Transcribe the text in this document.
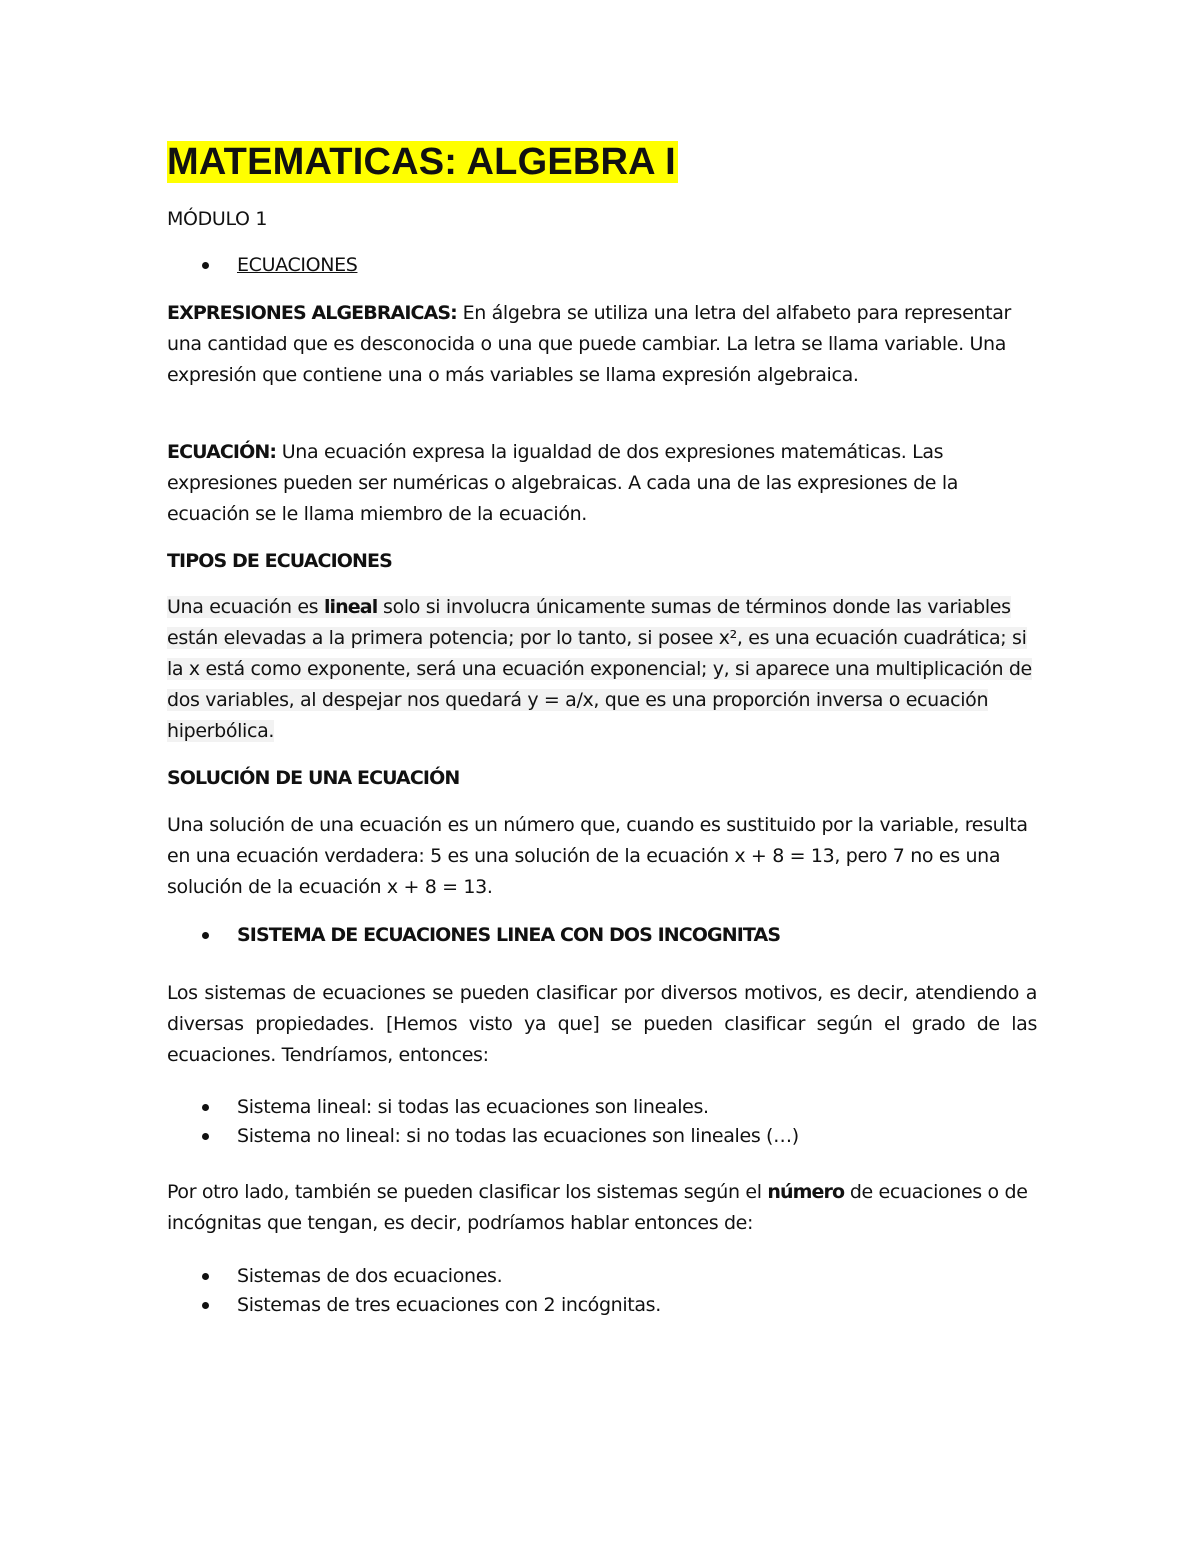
MATEMATICAS: ALGEBRA I

MÓDULO 1

ECUACIONES

EXPRESIONES ALGEBRAICAS: En álgebra se utiliza una letra del alfabeto para representar una cantidad que es desconocida o una que puede cambiar. La letra se llama variable. Una expresión que contiene una o más variables se llama expresión algebraica.

ECUACIÓN: Una ecuación expresa la igualdad de dos expresiones matemáticas. Las expresiones pueden ser numéricas o algebraicas. A cada una de las expresiones de la ecuación se le llama miembro de la ecuación.

TIPOS DE ECUACIONES

Una ecuación es lineal solo si involucra únicamente sumas de términos donde las variables están elevadas a la primera potencia; por lo tanto, si posee x², es una ecuación cuadrática; si la x está como exponente, será una ecuación exponencial; y, si aparece una multiplicación de dos variables, al despejar nos quedará y = a/x, que es una proporción inversa o ecuación hiperbólica.

SOLUCIÓN DE UNA ECUACIÓN

Una solución de una ecuación es un número que, cuando es sustituido por la variable, resulta en una ecuación verdadera: 5 es una solución de la ecuación x + 8 = 13, pero 7 no es una solución de la ecuación x + 8 = 13.

SISTEMA DE ECUACIONES LINEA CON DOS INCOGNITAS

Los sistemas de ecuaciones se pueden clasificar por diversos motivos, es decir, atendiendo a diversas propiedades. [Hemos visto ya que] se pueden clasificar según el grado de las ecuaciones. Tendríamos, entonces:

Sistema lineal: si todas las ecuaciones son lineales.
Sistema no lineal: si no todas las ecuaciones son lineales (…)

Por otro lado, también se pueden clasificar los sistemas según el número de ecuaciones o de incógnitas que tengan, es decir, podríamos hablar entonces de:

Sistemas de dos ecuaciones.
Sistemas de tres ecuaciones con 2 incógnitas.
